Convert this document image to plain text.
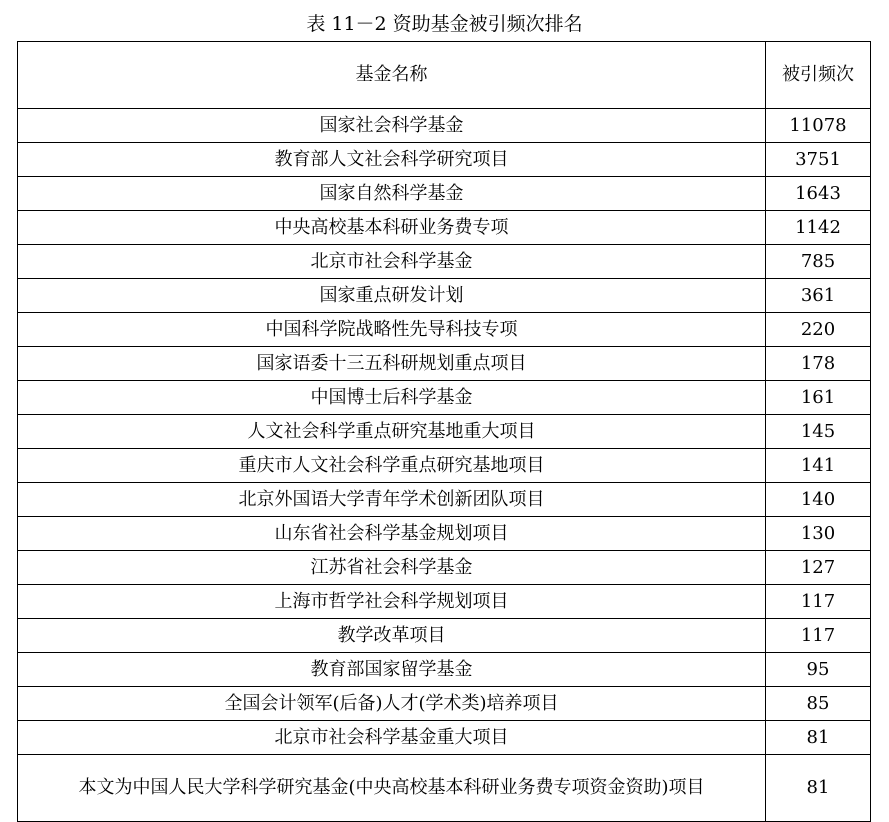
表 11－2 资助基金被引频次排名
基金名称	被引频次
国家社会科学基金	11078
教育部人文社会科学研究项目	3751
国家自然科学基金	1643
中央高校基本科研业务费专项	1142
北京市社会科学基金	785
国家重点研发计划	361
中国科学院战略性先导科技专项	220
国家语委十三五科研规划重点项目	178
中国博士后科学基金	161
人文社会科学重点研究基地重大项目	145
重庆市人文社会科学重点研究基地项目	141
北京外国语大学青年学术创新团队项目	140
山东省社会科学基金规划项目	130
江苏省社会科学基金	127
上海市哲学社会科学规划项目	117
教学改革项目	117
教育部国家留学基金	95
全国会计领军(后备)人才(学术类)培养项目	85
北京市社会科学基金重大项目	81
本文为中国人民大学科学研究基金(中央高校基本科研业务费专项资金资助)项目	81
